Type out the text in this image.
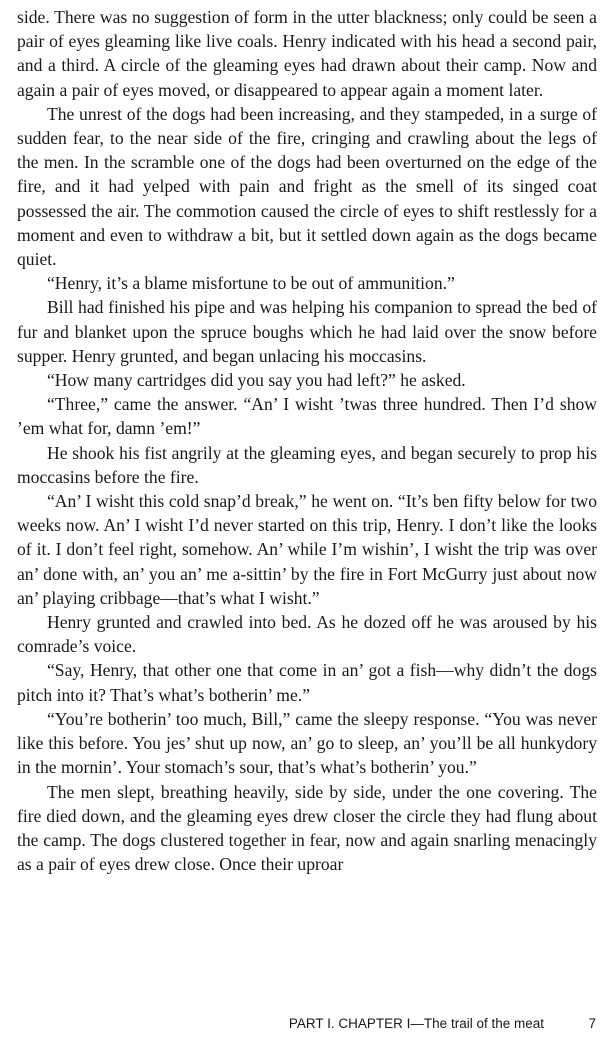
side. There was no suggestion of form in the utter blackness; only could be seen a pair of eyes gleaming like live coals. Henry indicated with his head a second pair, and a third. A circle of the gleaming eyes had drawn about their camp. Now and again a pair of eyes moved, or disappeared to appear again a moment later.

The unrest of the dogs had been increasing, and they stampeded, in a surge of sudden fear, to the near side of the fire, cringing and crawling about the legs of the men. In the scramble one of the dogs had been overturned on the edge of the fire, and it had yelped with pain and fright as the smell of its singed coat possessed the air. The commotion caused the circle of eyes to shift restlessly for a moment and even to withdraw a bit, but it settled down again as the dogs became quiet.

“Henry, it’s a blame misfortune to be out of ammunition.”

Bill had finished his pipe and was helping his companion to spread the bed of fur and blanket upon the spruce boughs which he had laid over the snow before supper. Henry grunted, and began unlacing his moccasins.

“How many cartridges did you say you had left?” he asked.

“Three,” came the answer. “An’ I wisht ’twas three hundred. Then I’d show ’em what for, damn ’em!”

He shook his fist angrily at the gleaming eyes, and began securely to prop his moccasins before the fire.

“An’ I wisht this cold snap’d break,” he went on. “It’s ben fifty below for two weeks now. An’ I wisht I’d never started on this trip, Henry. I don’t like the looks of it. I don’t feel right, somehow. An’ while I’m wishin’, I wisht the trip was over an’ done with, an’ you an’ me a-sittin’ by the fire in Fort McGurry just about now an’ playing cribbage—that’s what I wisht.”

Henry grunted and crawled into bed. As he dozed off he was aroused by his comrade’s voice.

“Say, Henry, that other one that come in an’ got a fish—why didn’t the dogs pitch into it? That’s what’s botherin’ me.”

“You’re botherin’ too much, Bill,” came the sleepy response. “You was never like this before. You jes’ shut up now, an’ go to sleep, an’ you’ll be all hunkydory in the mornin’. Your stomach’s sour, that’s what’s botherin’ you.”

The men slept, breathing heavily, side by side, under the one covering. The fire died down, and the gleaming eyes drew closer the circle they had flung about the camp. The dogs clustered together in fear, now and again snarling menacingly as a pair of eyes drew close. Once their uproar

PART I. CHAPTER I—The trail of the meat	7
